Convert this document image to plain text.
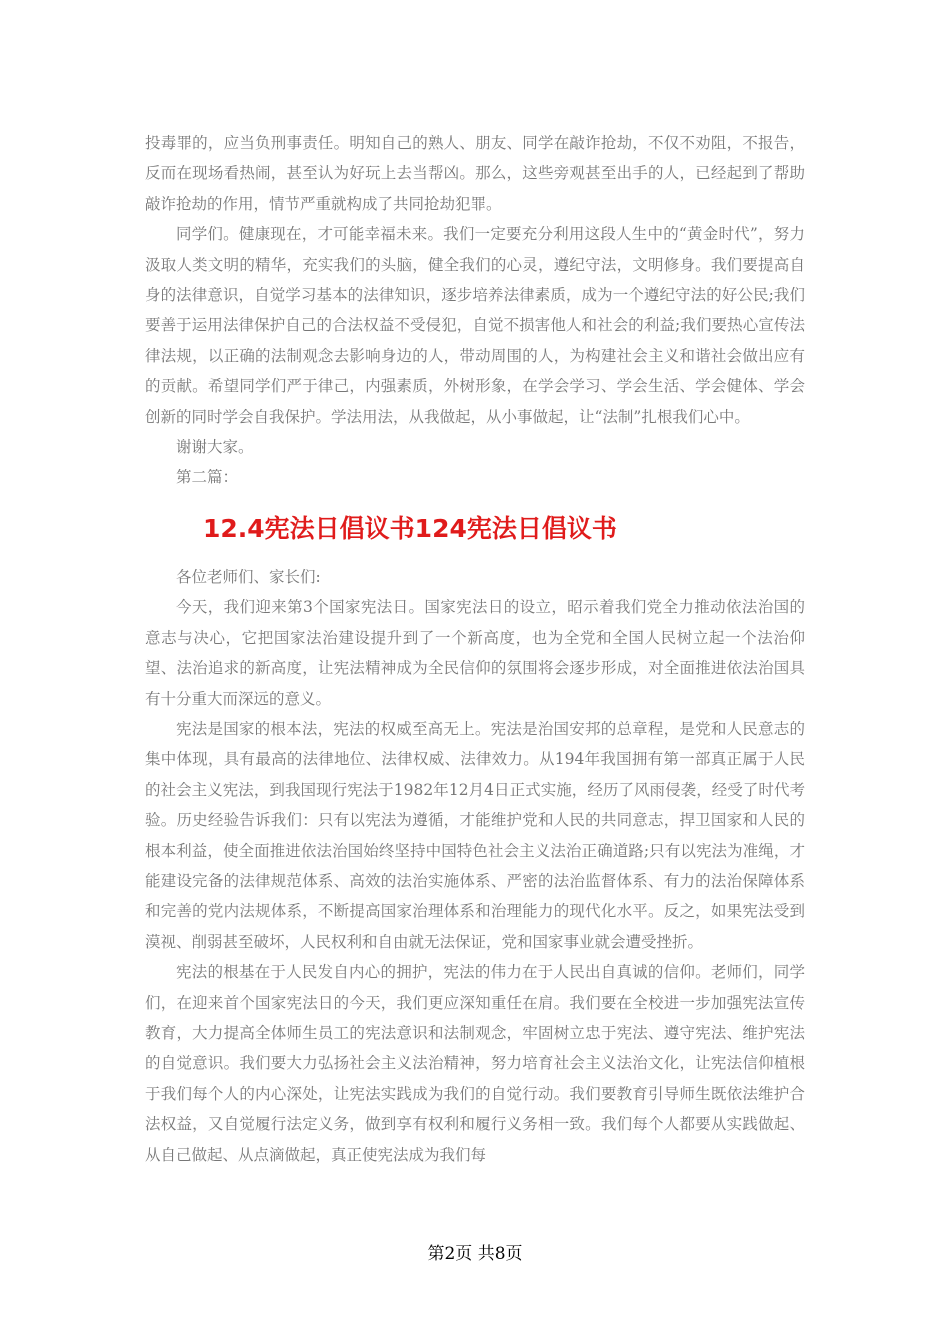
投毒罪的，应当负刑事责任。明知自己的熟人、朋友、同学在敲诈抢劫，不仅不劝阻，不报告，反而在现场看热闹，甚至认为好玩上去当帮凶。那么，这些旁观甚至出手的人，已经起到了帮助敲诈抢劫的作用，情节严重就构成了共同抢劫犯罪。

同学们。健康现在，才可能幸福未来。我们一定要充分利用这段人生中的“黄金时代”，努力汲取人类文明的精华，充实我们的头脑，健全我们的心灵，遵纪守法，文明修身。我们要提高自身的法律意识，自觉学习基本的法律知识，逐步培养法律素质，成为一个遵纪守法的好公民;我们要善于运用法律保护自己的合法权益不受侵犯，自觉不损害他人和社会的利益;我们要热心宣传法律法规，以正确的法制观念去影响身边的人，带动周围的人，为构建社会主义和谐社会做出应有的贡献。希望同学们严于律己，内强素质，外树形象，在学会学习、学会生活、学会健体、学会创新的同时学会自我保护。学法用法，从我做起，从小事做起，让“法制”扎根我们心中。

谢谢大家。

第二篇：

12.4宪法日倡议书124宪法日倡议书

各位老师们、家长们:

今天，我们迎来第3个国家宪法日。国家宪法日的设立，昭示着我们党全力推动依法治国的意志与决心，它把国家法治建设提升到了一个新高度，也为全党和全国人民树立起一个法治仰望、法治追求的新高度，让宪法精神成为全民信仰的氛围将会逐步形成，对全面推进依法治国具有十分重大而深远的意义。

宪法是国家的根本法，宪法的权威至高无上。宪法是治国安邦的总章程，是党和人民意志的集中体现，具有最高的法律地位、法律权威、法律效力。从194年我国拥有第一部真正属于人民的社会主义宪法，到我国现行宪法于1982年12月4日正式实施，经历了风雨侵袭，经受了时代考验。历史经验告诉我们：只有以宪法为遵循，才能维护党和人民的共同意志，捍卫国家和人民的根本利益，使全面推进依法治国始终坚持中国特色社会主义法治正确道路;只有以宪法为准绳，才能建设完备的法律规范体系、高效的法治实施体系、严密的法治监督体系、有力的法治保障体系和完善的党内法规体系，不断提高国家治理体系和治理能力的现代化水平。反之，如果宪法受到漠视、削弱甚至破坏，人民权利和自由就无法保证，党和国家事业就会遭受挫折。

宪法的根基在于人民发自内心的拥护，宪法的伟力在于人民出自真诚的信仰。老师们，同学们，在迎来首个国家宪法日的今天，我们更应深知重任在肩。我们要在全校进一步加强宪法宣传教育，大力提高全体师生员工的宪法意识和法制观念，牢固树立忠于宪法、遵守宪法、维护宪法的自觉意识。我们要大力弘扬社会主义法治精神，努力培育社会主义法治文化，让宪法信仰植根于我们每个人的内心深处，让宪法实践成为我们的自觉行动。我们要教育引导师生既依法维护合法权益，又自觉履行法定义务，做到享有权利和履行义务相一致。我们每个人都要从实践做起、从自己做起、从点滴做起，真正使宪法成为我们每

第2页 共8页
